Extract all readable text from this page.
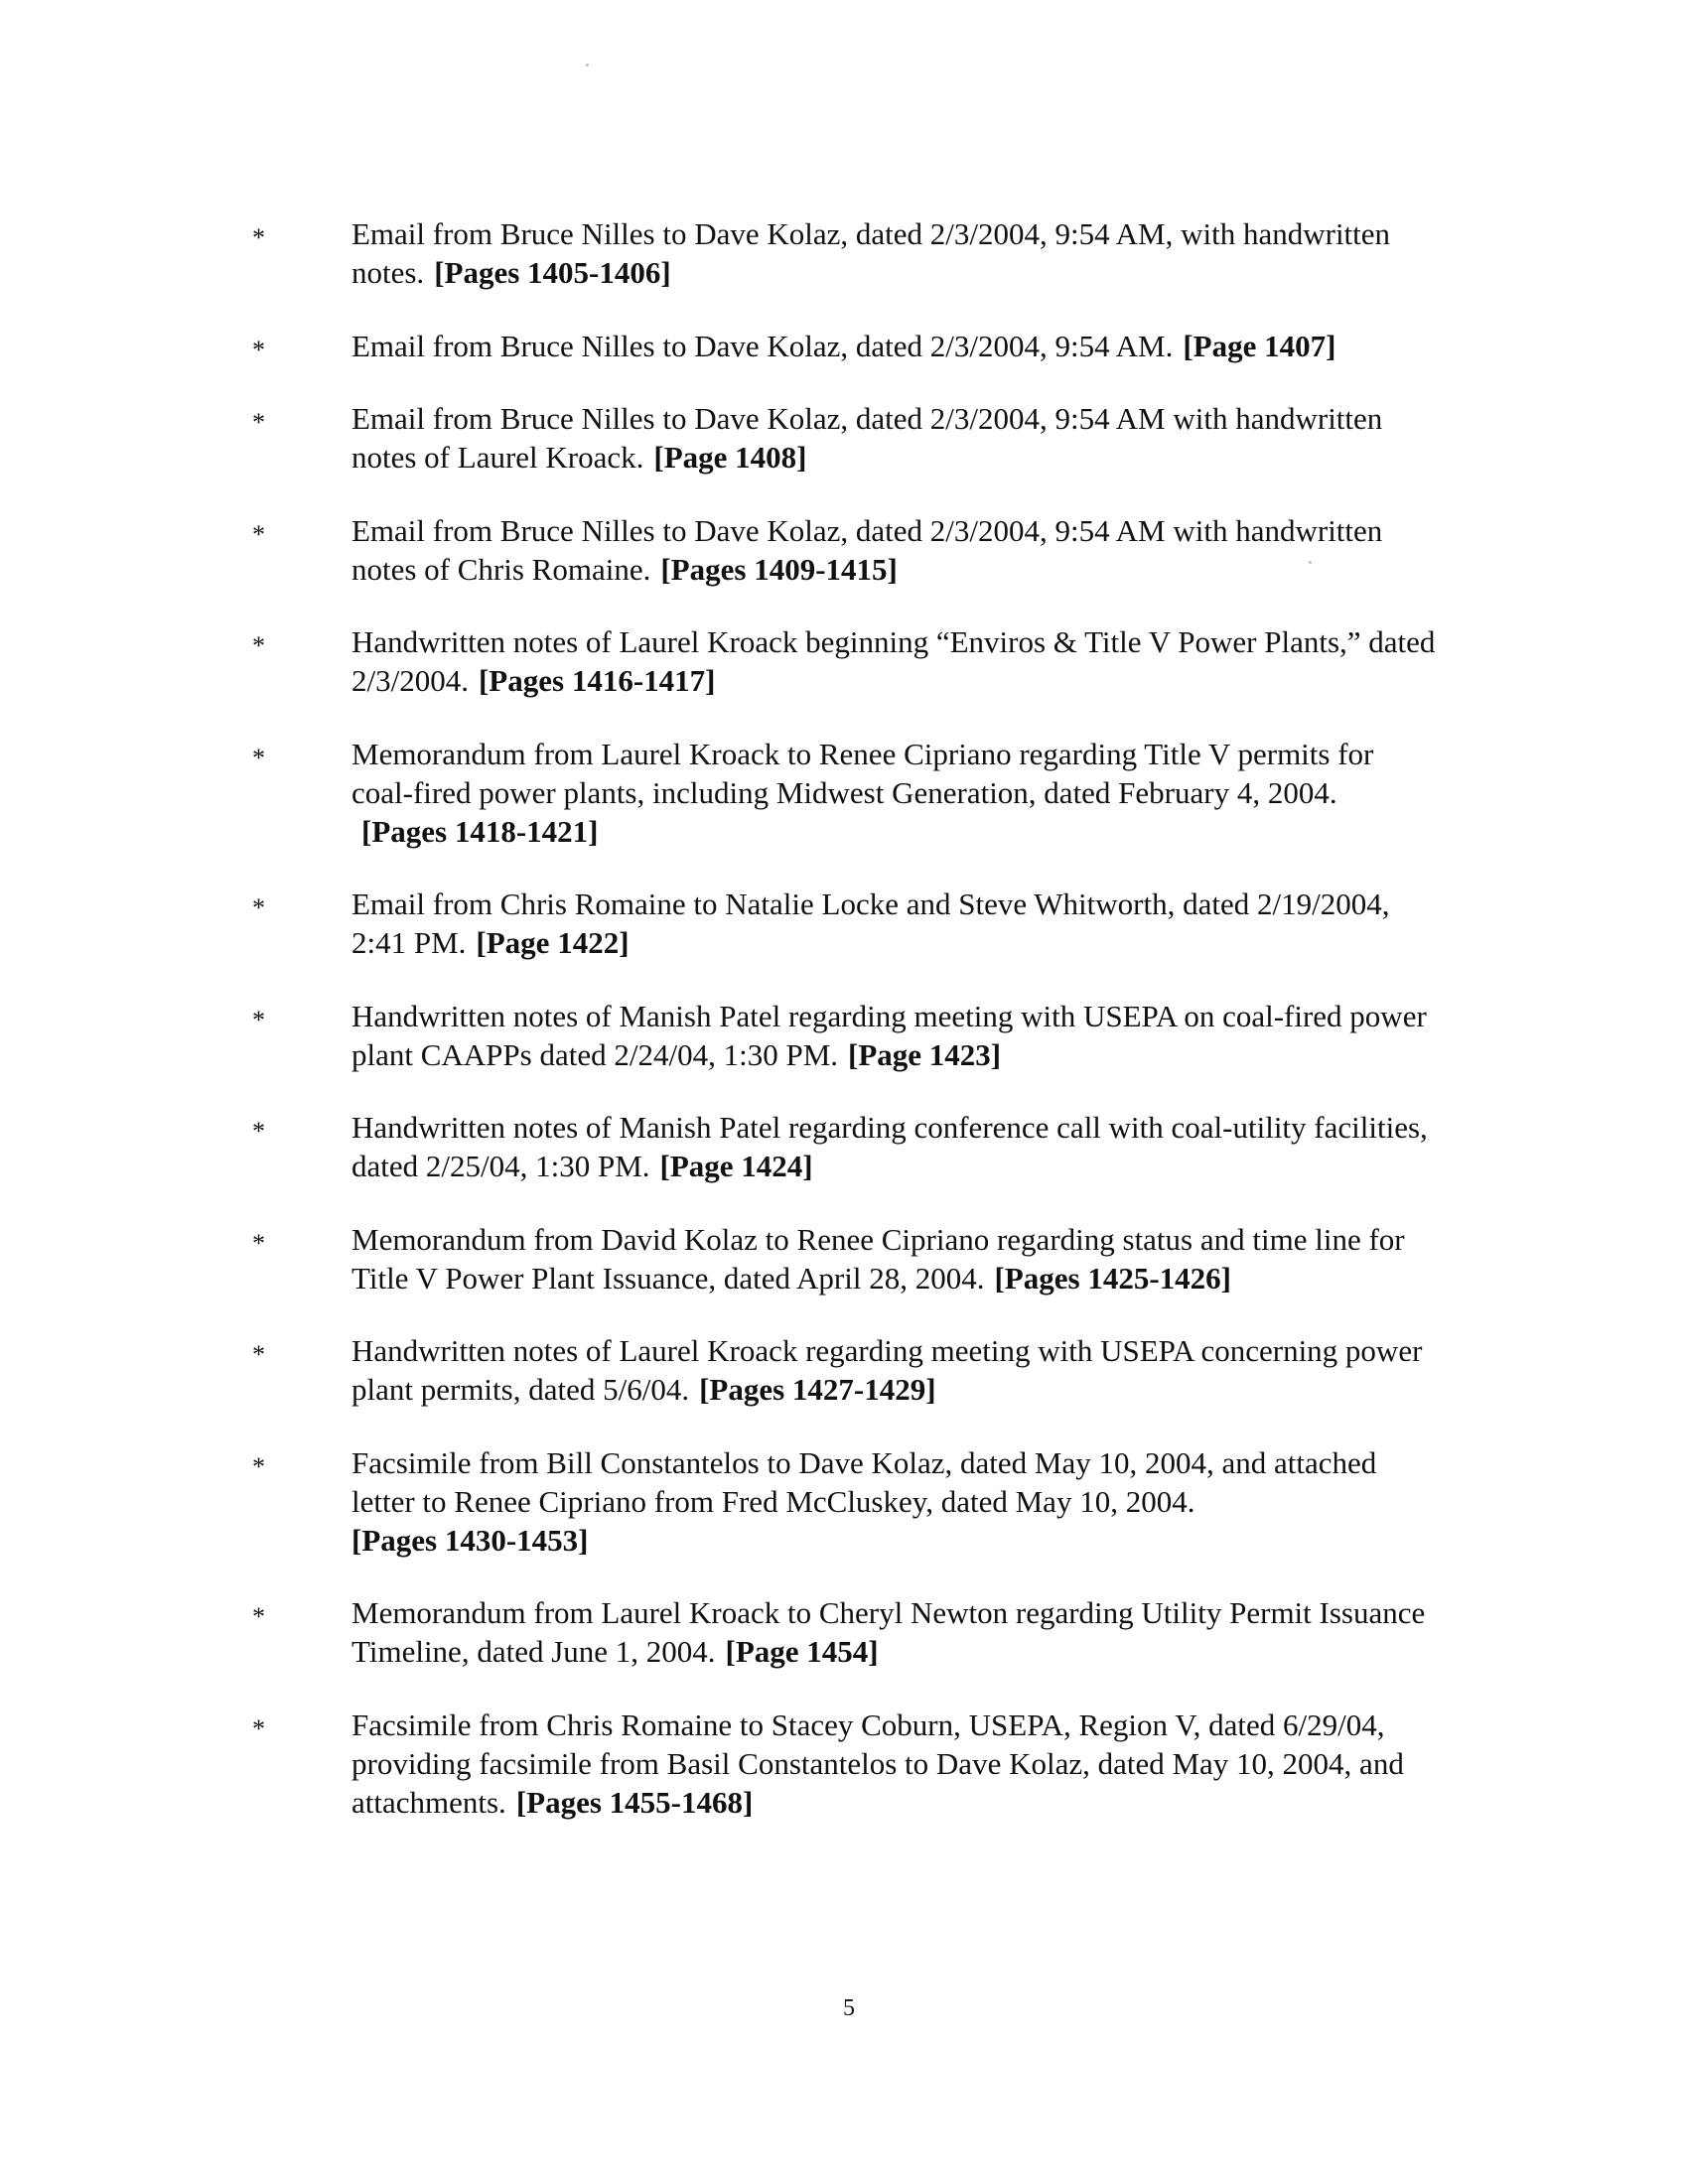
*	Email from Bruce Nilles to Dave Kolaz, dated 2/3/2004, 9:54 AM, with handwritten notes. [Pages 1405-1406]
*	Email from Bruce Nilles to Dave Kolaz, dated 2/3/2004, 9:54 AM. [Page 1407]
*	Email from Bruce Nilles to Dave Kolaz, dated 2/3/2004, 9:54 AM with handwritten notes of Laurel Kroack. [Page 1408]
*	Email from Bruce Nilles to Dave Kolaz, dated 2/3/2004, 9:54 AM with handwritten notes of Chris Romaine. [Pages 1409-1415]
*	Handwritten notes of Laurel Kroack beginning “Enviros & Title V Power Plants,” dated 2/3/2004. [Pages 1416-1417]
*	Memorandum from Laurel Kroack to Renee Cipriano regarding Title V permits for coal-fired power plants, including Midwest Generation, dated February 4, 2004.[Pages 1418-1421]
*	Email from Chris Romaine to Natalie Locke and Steve Whitworth, dated 2/19/2004, 2:41 PM. [Page 1422]
*	Handwritten notes of Manish Patel regarding meeting with USEPA on coal-fired power plant CAAPPs dated 2/24/04, 1:30 PM. [Page 1423]
*	Handwritten notes of Manish Patel regarding conference call with coal-utility facilities, dated 2/25/04, 1:30 PM. [Page 1424]
*	Memorandum from David Kolaz to Renee Cipriano regarding status and time line for Title V Power Plant Issuance, dated April 28, 2004. [Pages 1425-1426]
*	Handwritten notes of Laurel Kroack regarding meeting with USEPA concerning power plant permits, dated 5/6/04. [Pages 1427-1429]
*	Facsimile from Bill Constantelos to Dave Kolaz, dated May 10, 2004, and attached letter to Renee Cipriano from Fred McCluskey, dated May 10, 2004.
[Pages 1430-1453]
*	Memorandum from Laurel Kroack to Cheryl Newton regarding Utility Permit Issuance Timeline, dated June 1, 2004. [Page 1454]
*	Facsimile from Chris Romaine to Stacey Coburn, USEPA, Region V, dated 6/29/04, providing facsimile from Basil Constantelos to Dave Kolaz, dated May 10, 2004, and attachments. [Pages 1455-1468]
5
